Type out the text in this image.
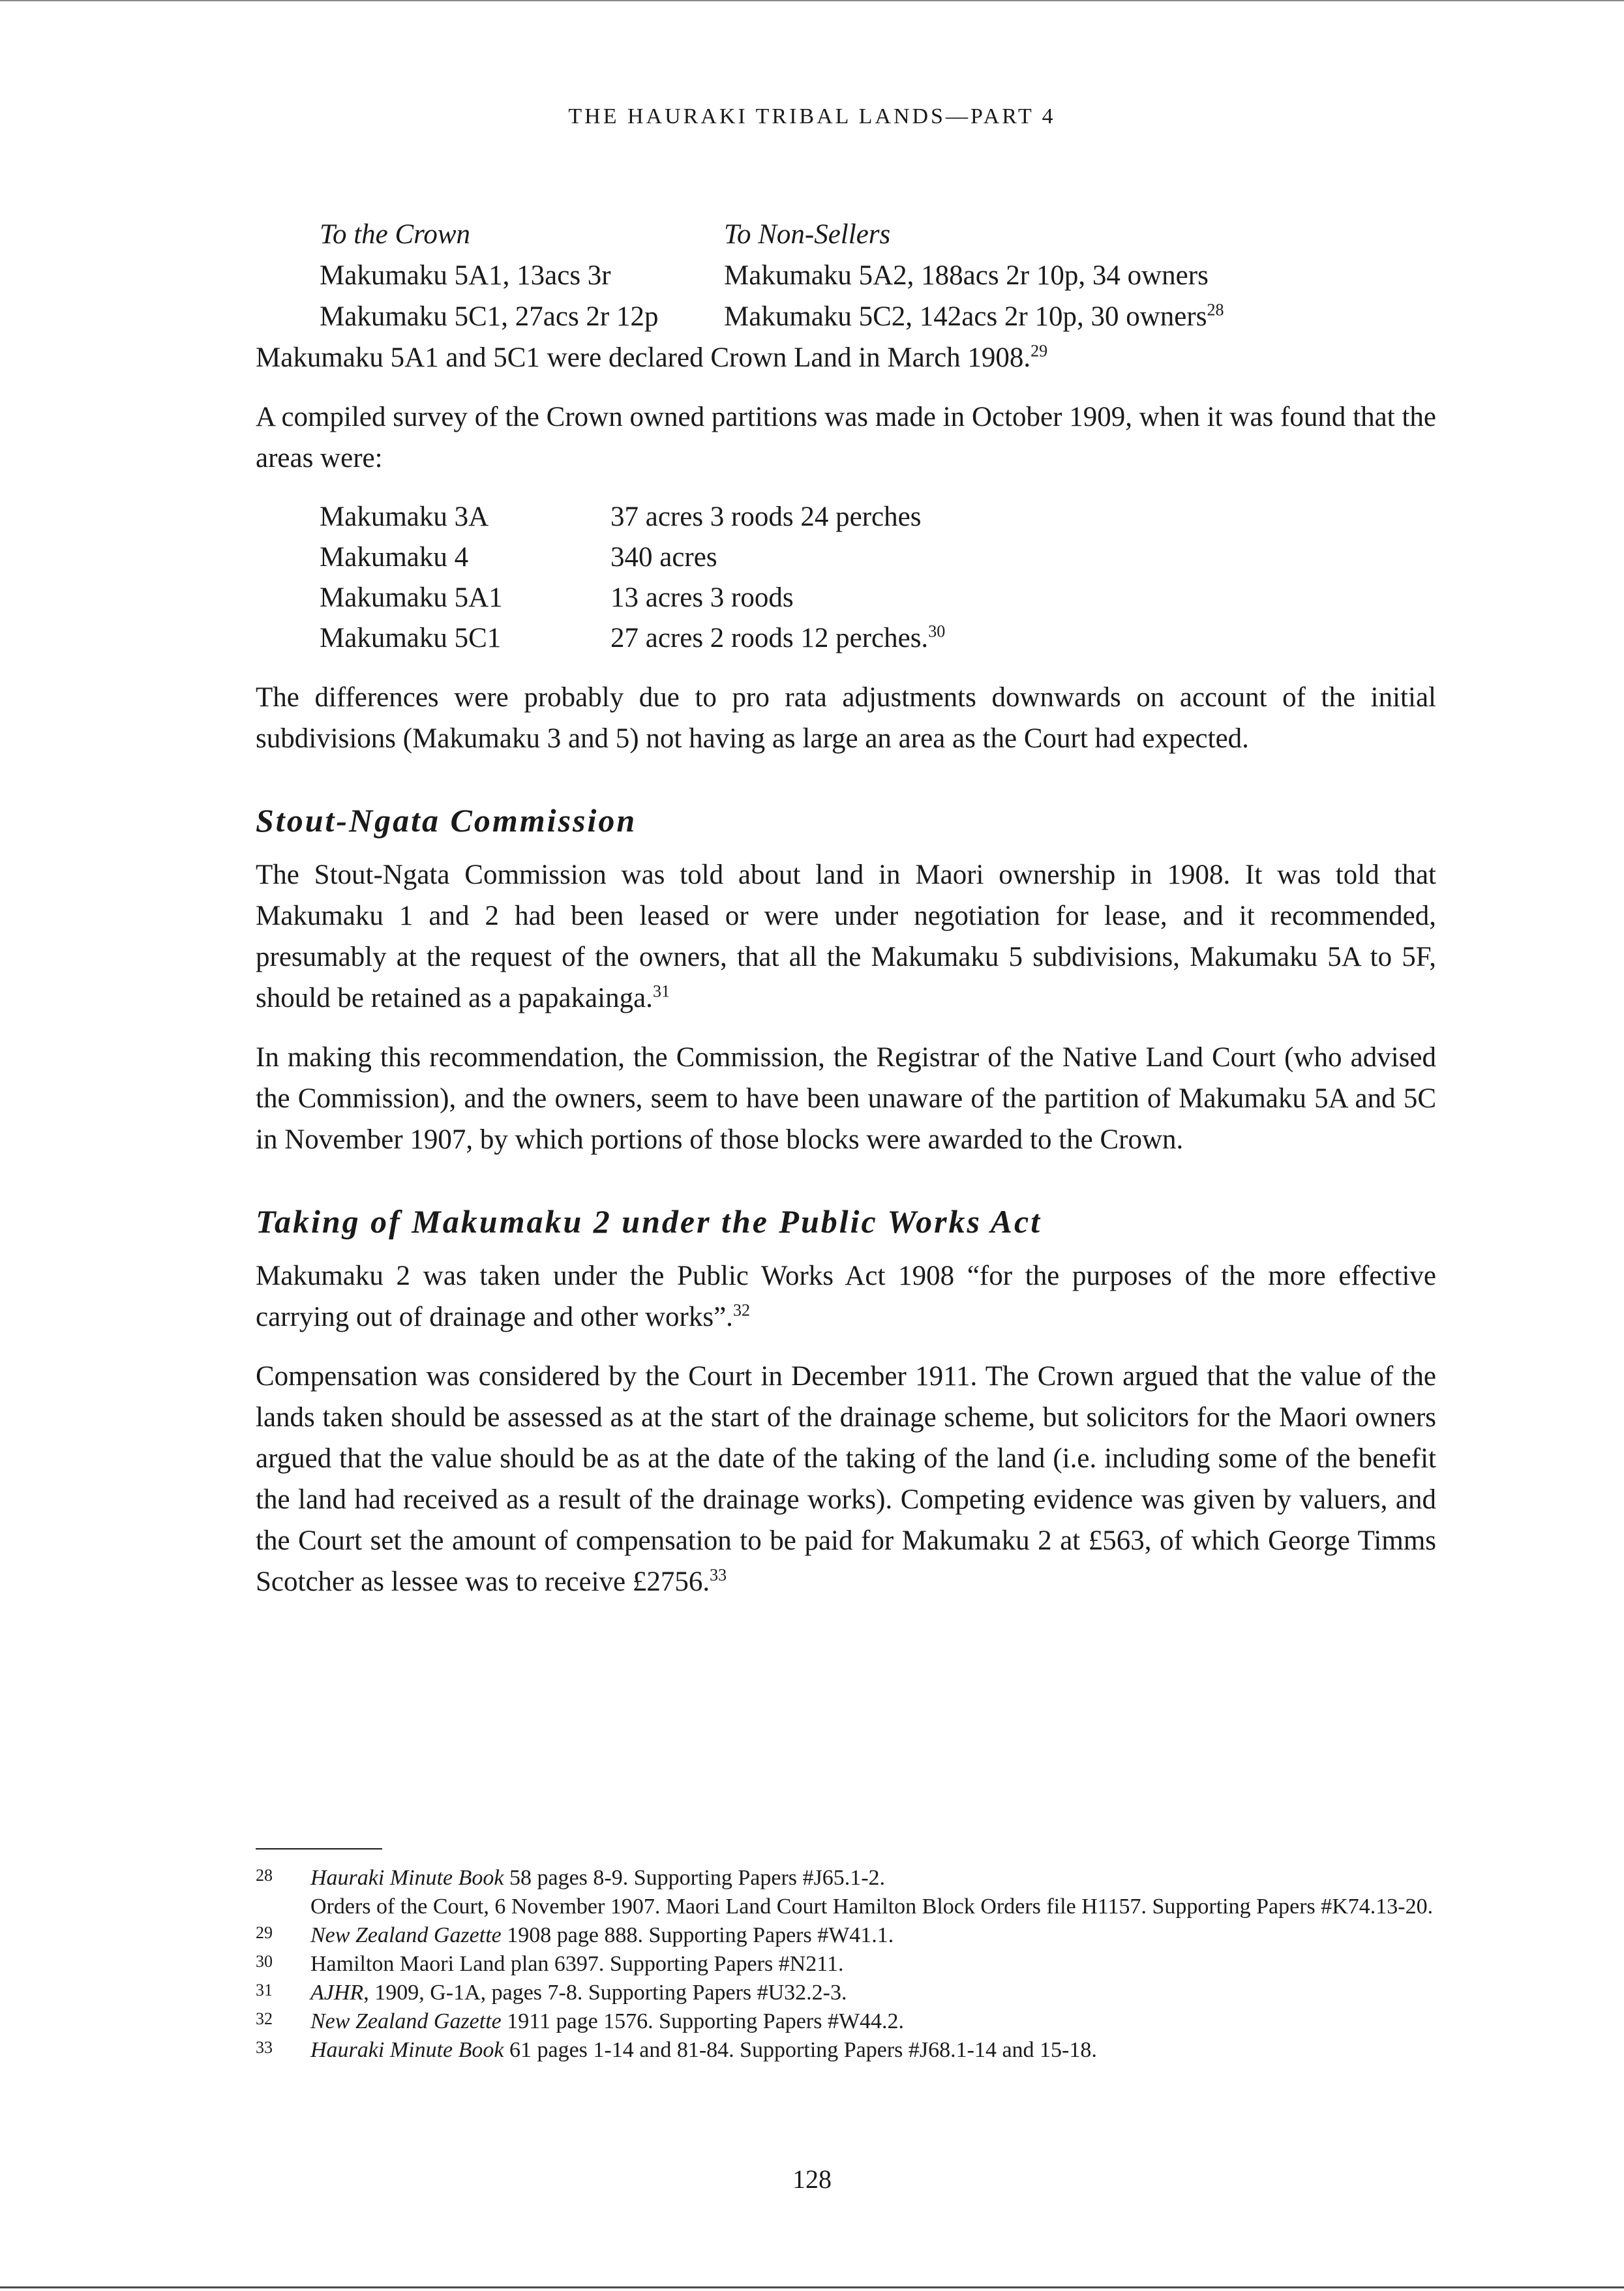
THE HAURAKI TRIBAL LANDS—PART 4
To the Crown	To Non-Sellers
Makumaku 5A1, 13acs 3r	Makumaku 5A2, 188acs 2r 10p, 34 owners
Makumaku 5C1, 27acs 2r 12p	Makumaku 5C2, 142acs 2r 10p, 30 owners$^{28}$
Makumaku 5A1 and 5C1 were declared Crown Land in March 1908.29

A compiled survey of the Crown owned partitions was made in October 1909, when it was found that the areas were:

Makumaku 3A	37 acres 3 roods 24 perches
Makumaku 4	340 acres
Makumaku 5A1	13 acres 3 roods
Makumaku 5C1	27 acres 2 roods 12 perches.$^{30}$

The differences were probably due to pro rata adjustments downwards on account of the initial subdivisions (Makumaku 3 and 5) not having as large an area as the Court had expected.

Stout-Ngata Commission

The Stout-Ngata Commission was told about land in Maori ownership in 1908. It was told that Makumaku 1 and 2 had been leased or were under negotiation for lease, and it recommended, presumably at the request of the owners, that all the Makumaku 5 subdivisions, Makumaku 5A to 5F, should be retained as a papakainga.$^{31}$

In making this recommendation, the Commission, the Registrar of the Native Land Court (who advised the Commission), and the owners, seem to have been unaware of the partition of Makumaku 5A and 5C in November 1907, by which portions of those blocks were awarded to the Crown.

Taking of Makumaku 2 under the Public Works Act

Makumaku 2 was taken under the Public Works Act 1908 “for the purposes of the more effective carrying out of drainage and other works”.$^{32}$

Compensation was considered by the Court in December 1911. The Crown argued that the value of the lands taken should be assessed as at the start of the drainage scheme, but solicitors for the Maori owners argued that the value should be as at the date of the taking of the land (i.e. including some of the benefit the land had received as a result of the drainage works). Competing evidence was given by valuers, and the Court set the amount of compensation to be paid for Makumaku 2 at £563, of which George Timms Scotcher as lessee was to receive £2756.33

28	Hauraki Minute Book 58 pages 8-9. Supporting Papers #J65.1-2.
Orders of the Court, 6 November 1907. Maori Land Court Hamilton Block Orders file H1157. Supporting Papers #K74.13-20.
29	New Zealand Gazette 1908 page 888. Supporting Papers #W41.1.
30	Hamilton Maori Land plan 6397. Supporting Papers #N211.
31	AJHR, 1909, G-1A, pages 7-8. Supporting Papers #U32.2-3.
32	New Zealand Gazette 1911 page 1576. Supporting Papers #W44.2.
33	Hauraki Minute Book 61 pages 1-14 and 81-84. Supporting Papers #J68.1-14 and 15-18.
128
